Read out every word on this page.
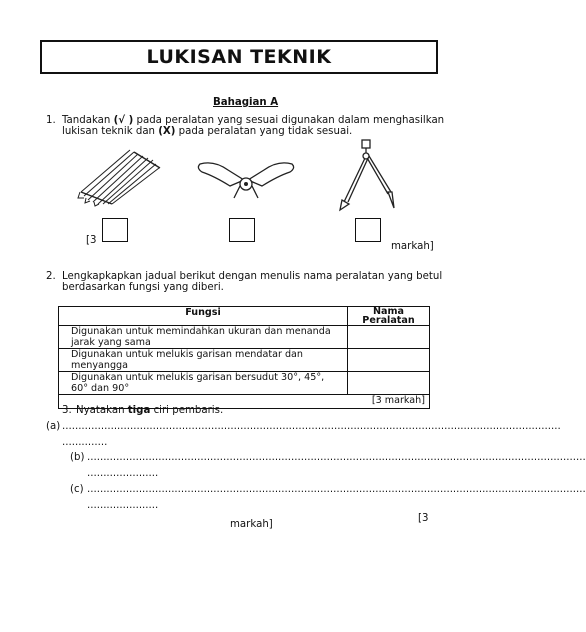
LUKISAN TEKNIK
Bahagian A
1. Tandakan (√ ) pada peralatan yang sesuai digunakan dalam menghasilkan
lukisan teknik dan (X) pada peralatan yang tidak sesuai.
[3
markah]
2. Lengkapkapkan jadual berikut dengan menulis nama peralatan yang betul
berdasarkan fungsi yang diberi.
Fungsi	Nama Peralatan
Digunakan untuk memindahkan ukuran dan menanda jarak yang sama	
Digunakan untuk melukis garisan mendatar dan menyangga	
Digunakan untuk melukis garisan bersudut 30°, 45°, 60° dan 90°	
[3 markah]	
3. Nyatakan tiga ciri pembaris.
(a) ..........................................................................................................................................................
..............
(b) ..........................................................................................................................................................
......................
(c) ..........................................................................................................................................................
......................
[3
markah]
